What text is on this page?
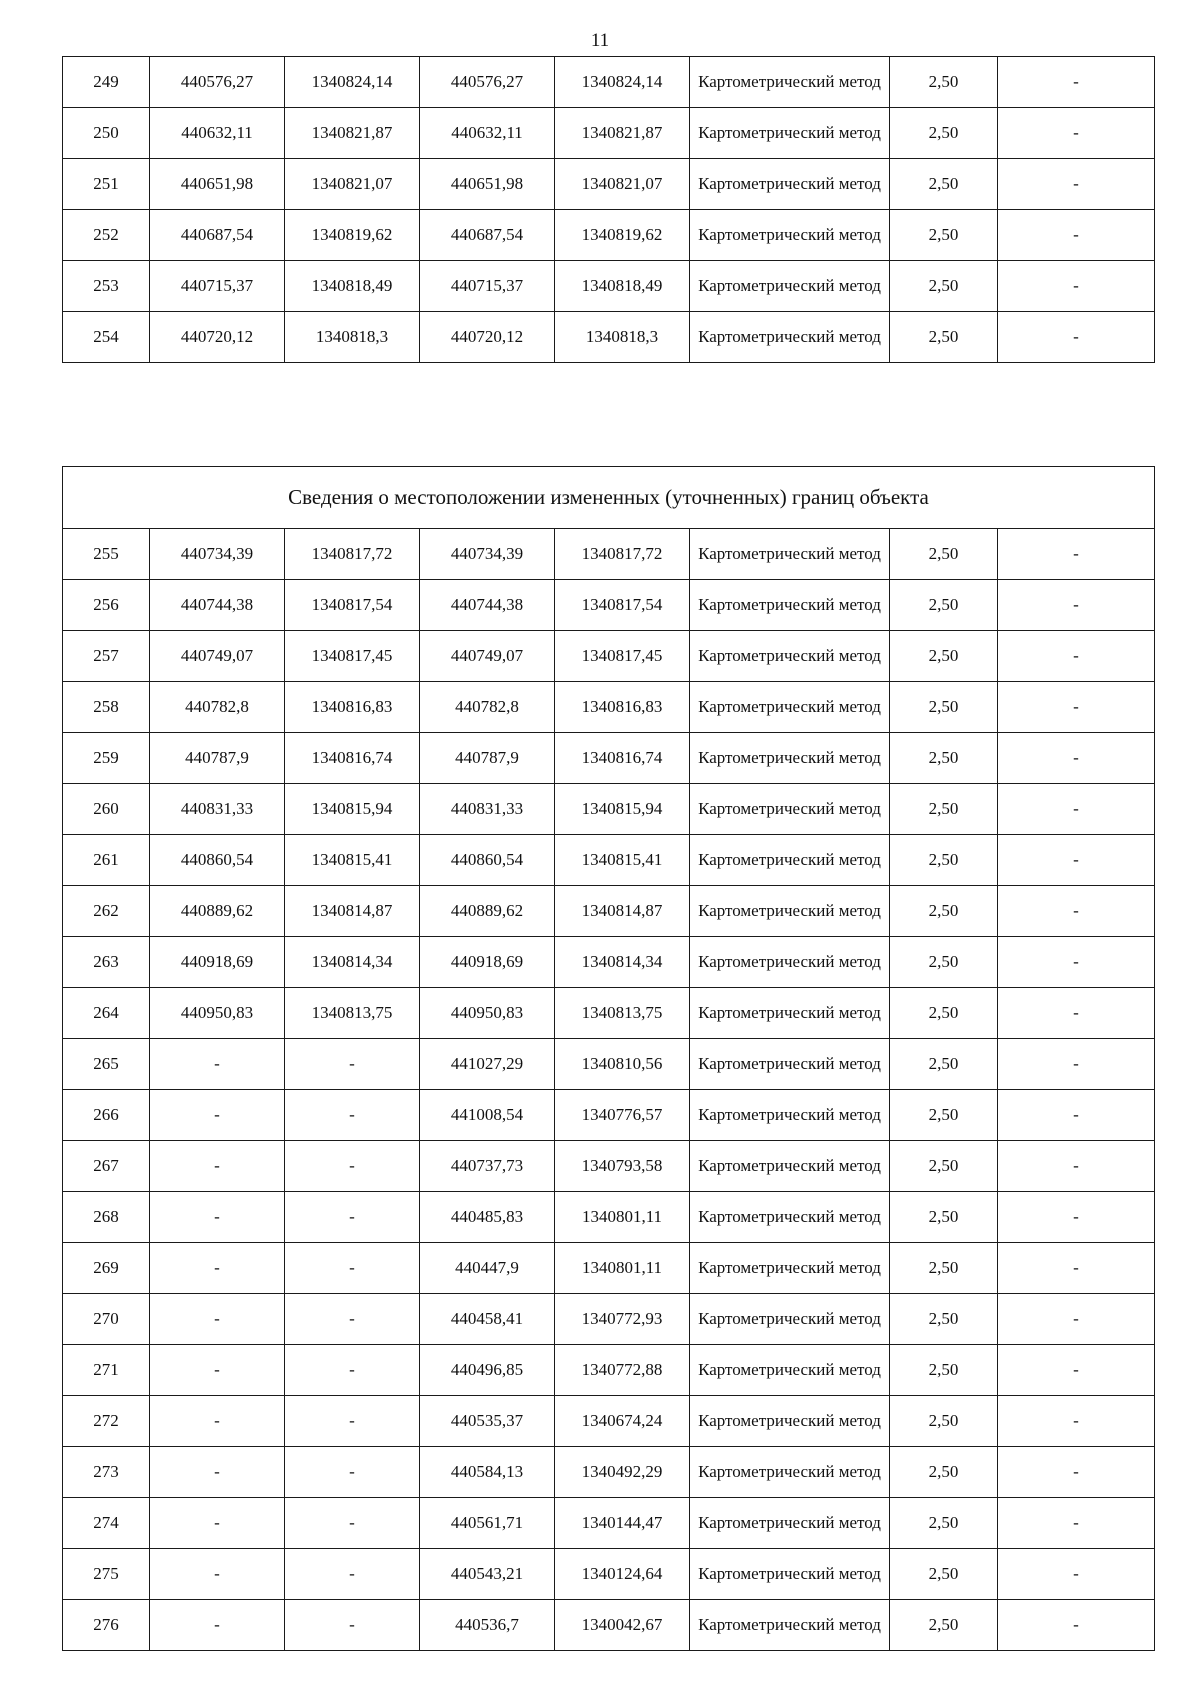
11
249	440576,27	1340824,14	440576,27	1340824,14	Картометрический метод	2,50	-
250	440632,11	1340821,87	440632,11	1340821,87	Картометрический метод	2,50	-
251	440651,98	1340821,07	440651,98	1340821,07	Картометрический метод	2,50	-
252	440687,54	1340819,62	440687,54	1340819,62	Картометрический метод	2,50	-
253	440715,37	1340818,49	440715,37	1340818,49	Картометрический метод	2,50	-
254	440720,12	1340818,3	440720,12	1340818,3	Картометрический метод	2,50	-
Сведения о местоположении измененных (уточненных) границ объекта							
255	440734,39	1340817,72	440734,39	1340817,72	Картометрический метод	2,50	-
256	440744,38	1340817,54	440744,38	1340817,54	Картометрический метод	2,50	-
257	440749,07	1340817,45	440749,07	1340817,45	Картометрический метод	2,50	-
258	440782,8	1340816,83	440782,8	1340816,83	Картометрический метод	2,50	-
259	440787,9	1340816,74	440787,9	1340816,74	Картометрический метод	2,50	-
260	440831,33	1340815,94	440831,33	1340815,94	Картометрический метод	2,50	-
261	440860,54	1340815,41	440860,54	1340815,41	Картометрический метод	2,50	-
262	440889,62	1340814,87	440889,62	1340814,87	Картометрический метод	2,50	-
263	440918,69	1340814,34	440918,69	1340814,34	Картометрический метод	2,50	-
264	440950,83	1340813,75	440950,83	1340813,75	Картометрический метод	2,50	-
265	-	-	441027,29	1340810,56	Картометрический метод	2,50	-
266	-	-	441008,54	1340776,57	Картометрический метод	2,50	-
267	-	-	440737,73	1340793,58	Картометрический метод	2,50	-
268	-	-	440485,83	1340801,11	Картометрический метод	2,50	-
269	-	-	440447,9	1340801,11	Картометрический метод	2,50	-
270	-	-	440458,41	1340772,93	Картометрический метод	2,50	-
271	-	-	440496,85	1340772,88	Картометрический метод	2,50	-
272	-	-	440535,37	1340674,24	Картометрический метод	2,50	-
273	-	-	440584,13	1340492,29	Картометрический метод	2,50	-
274	-	-	440561,71	1340144,47	Картометрический метод	2,50	-
275	-	-	440543,21	1340124,64	Картометрический метод	2,50	-
276	-	-	440536,7	1340042,67	Картометрический метод	2,50	-
